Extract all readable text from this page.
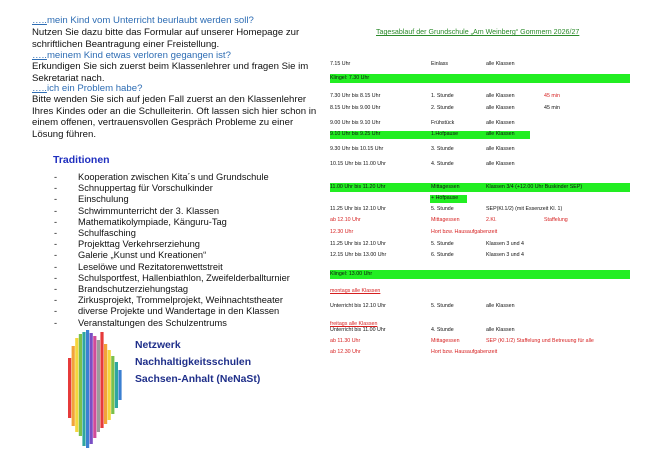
…..mein Kind vom Unterricht beurlaubt werden soll?
Nutzen Sie dazu bitte das Formular auf unserer Homepage zur schriftlichen Beantragung einer Freistellung.
…..meinem Kind etwas verloren gegangen ist?
Erkundigen Sie sich zuerst beim Klassenlehrer und fragen Sie im Sekretariat nach.
…..ich ein Problem habe?
Bitte wenden Sie sich auf jeden Fall zuerst an den Klassenlehrer Ihres Kindes oder an die Schulleiterin. Oft lassen sich hier schon in einem offenen, vertrauensvollen Gespräch Probleme zu einer Lösung führen.
Traditionen
- Kooperation zwischen Kita´s und Grundschule
- Schnuppertag für Vorschulkinder
- Einschulung
- Schwimmunterricht der 3. Klassen
- Mathematikolympiade, Känguru-Tag
- Schulfasching
- Projekttag Verkehrserziehung
- Galerie „Kunst und Kreationen“
- Leselöwe und Rezitatorenwettstreit
- Schulsportfest, Hallenbiathlon, Zweifelderballturnier
- Brandschutzerziehungstag
- Zirkusprojekt, Trommelprojekt, Weihnachtstheater
- diverse Projekte und Wandertage in den Klassen
- Veranstaltungen des Schulzentrums
Netzwerk
Nachhaltigkeitsschulen
Sachsen-Anhalt (NeNaSt)
Tagesablauf der Grundschule „Am Weinberg“ Gommern 2026/27
7.15 Uhr	Einlass	alle Klassen
Klingel: 7.30 Uhr
7.30 Uhr bis 8.15 Uhr	1. Stunde	alle Klassen	45 min
8.15 Uhr bis 9.00 Uhr	2. Stunde	alle Klassen	45 min
9.00 Uhr bis 9.10 Uhr	Frühstück	alle Klassen
9.10 Uhr bis 9.25 Uhr	1.Hofpause	alle Klassen
9.30 Uhr bis 10.15 Uhr	3. Stunde	alle Klassen
10.15 Uhr bis 11.00 Uhr	4. Stunde	alle Klassen
11.00 Uhr bis 11.20 Uhr	Mittagessen	Klassen 3/4 (+12.00 Uhr Buskinder SEP)
+ Hofpause
11.25 Uhr bis 12.10 Uhr	5. Stunde	SEP(Kl.1/2) (mit Essenzeit Kl. 1)
ab 12.10 Uhr	Mittagessen	2.Kl.	Staffelung
12.30 Uhr	Hort bzw. Hausaufgabenzeit
11.25 Uhr bis 12.10 Uhr	5. Stunde	Klassen 3 und 4
12.15 Uhr bis 13.00 Uhr	6. Stunde	Klassen 3 und 4
Klingel: 13.00 Uhr
montags alle Klassen
Unterricht bis 12.10 Uhr	5. Stunde	alle Klassen
freitags alle Klassen
Unterricht bis 11.00 Uhr	4. Stunde	alle Klassen
ab 11.30 Uhr	Mittagessen	SEP (Kl.1/2) Staffelung und Betreuung für alle
ab 12.30 Uhr	Hort bzw. Hausaufgabenzeit
